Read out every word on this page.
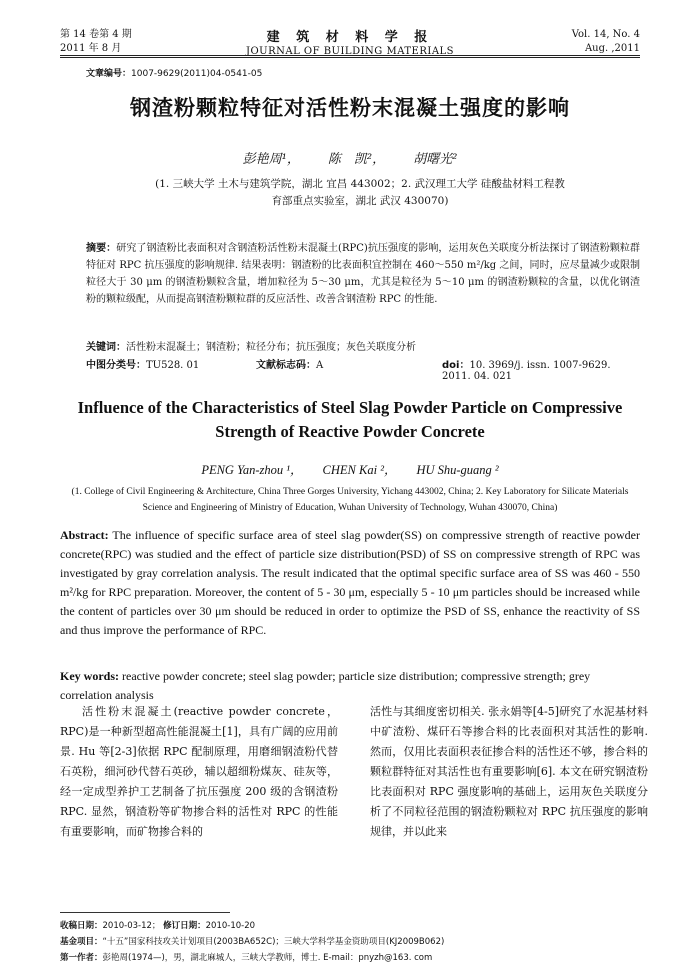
第 14 卷第 4 期
2011 年 8 月
建 筑 材 料 学 报
JOURNAL OF BUILDING MATERIALS
Vol. 14, No. 4
Aug. ,2011
文章编号：1007-9629(2011)04-0541-05
钢渣粉颗粒特征对活性粉末混凝土强度的影响
彭艳周¹， 陈　凯²， 胡曙光²
(1. 三峡大学 土木与建筑学院，湖北 宜昌 443002；2. 武汉理工大学 硅酸盐材料工程教育部重点实验室，湖北 武汉 430070)
摘要：研究了钢渣粉比表面积对含钢渣粉活性粉末混凝土(RPC)抗压强度的影响，运用灰色关联度分析法探讨了钢渣粉颗粒群特征对 RPC 抗压强度的影响规律. 结果表明：钢渣粉的比表面积宜控制在 460～550 m²/kg 之间，同时，应尽量减少或限制粒径大于 30 μm 的钢渣粉颗粒含量，增加粒径为 5～30 μm，尤其是粒径为 5～10 μm 的钢渣粉颗粒的含量，以优化钢渣粉的颗粒级配，从而提高钢渣粉颗粒群的反应活性、改善含钢渣粉 RPC 的性能.
关键词：活性粉末混凝土；钢渣粉；粒径分布；抗压强度；灰色关联度分析
中图分类号：TU528. 01	文献标志码：A	doi：10. 3969/j. issn. 1007-9629. 2011. 04. 021
Influence of the Characteristics of Steel Slag Powder Particle on Compressive Strength of Reactive Powder Concrete
PENG Yan-zhou ¹， CHEN Kai ²， HU Shu-guang ²
(1. College of Civil Engineering & Architecture, China Three Gorges University, Yichang 443002, China; 2. Key Laboratory for Silicate Materials Science and Engineering of Ministry of Education, Wuhan University of Technology, Wuhan 430070, China)
Abstract: The influence of specific surface area of steel slag powder(SS) on compressive strength of reactive powder concrete(RPC) was studied and the effect of particle size distribution(PSD) of SS on compressive strength of RPC was investigated by gray correlation analysis. The result indicated that the optimal specific surface area of SS was 460 - 550 m²/kg for RPC preparation. Moreover, the content of 5 - 30 μm, especially 5 - 10 μm particles should be increased while the content of particles over 30 μm should be reduced in order to optimize the PSD of SS, enhance the reactivity of SS and thus improve the performance of RPC.
Key words: reactive powder concrete; steel slag powder; particle size distribution; compressive strength; grey correlation analysis
活性粉末混凝土(reactive powder concrete，RPC)是一种新型超高性能混凝土[1]，具有广阔的应用前景. Hu 等[2-3]依据 RPC 配制原理，用磨细钢渣粉代替石英粉，细河砂代替石英砂，辅以超细粉煤灰、硅灰等，经一定成型养护工艺制备了抗压强度 200 级的含钢渣粉 RPC. 显然，钢渣粉等矿物掺合料的活性对 RPC 的性能有重要影响，而矿物掺合料的
活性与其细度密切相关. 张永娟等[4-5]研究了水泥基材料中矿渣粉、煤矸石等掺合料的比表面积对其活性的影响. 然而，仅用比表面积表征掺合料的活性还不够，掺合料的颗粒群特征对其活性也有重要影响[6]. 本文在研究钢渣粉比表面积对 RPC 强度影响的基础上，运用灰色关联度分析了不同粒径范围的钢渣粉颗粒对 RPC 抗压强度的影响规律，并以此来

收稿日期：2010-03-12； 修订日期：2010-10-20

基金项目：“十五”国家科技攻关计划项目(2003BA652C)；三峡大学科学基金资助项目(KJ2009B062)

第一作者：彭艳周(1974—)，男，湖北麻城人，三峡大学教师，博士. E-mail：pnyzh@163. com
